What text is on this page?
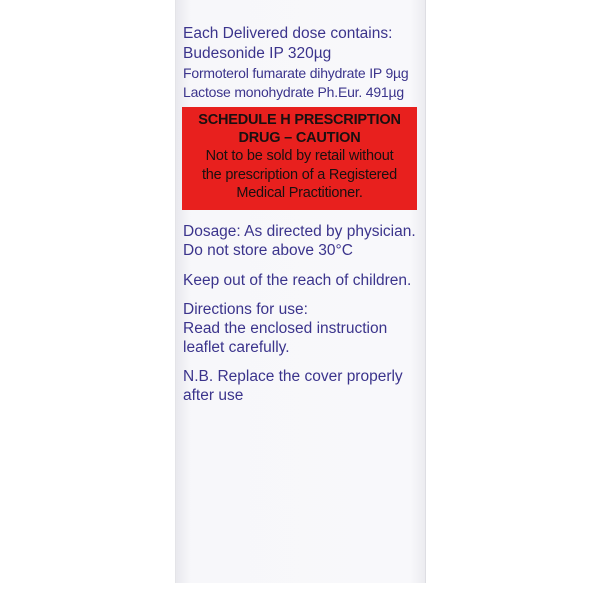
Each Delivered dose contains:
Budesonide IP 320µg
Formoterol fumarate dihydrate IP 9µg
Lactose monohydrate Ph.Eur. 491µg
SCHEDULE H PRESCRIPTION
DRUG – CAUTION
Not to be sold by retail without
the prescription of a Registered
Medical Practitioner.
Dosage: As directed by physician.
Do not store above 30°C
Keep out of the reach of children.
Directions for use:
Read the enclosed instruction
leaflet carefully.
N.B. Replace the cover properly
after use
